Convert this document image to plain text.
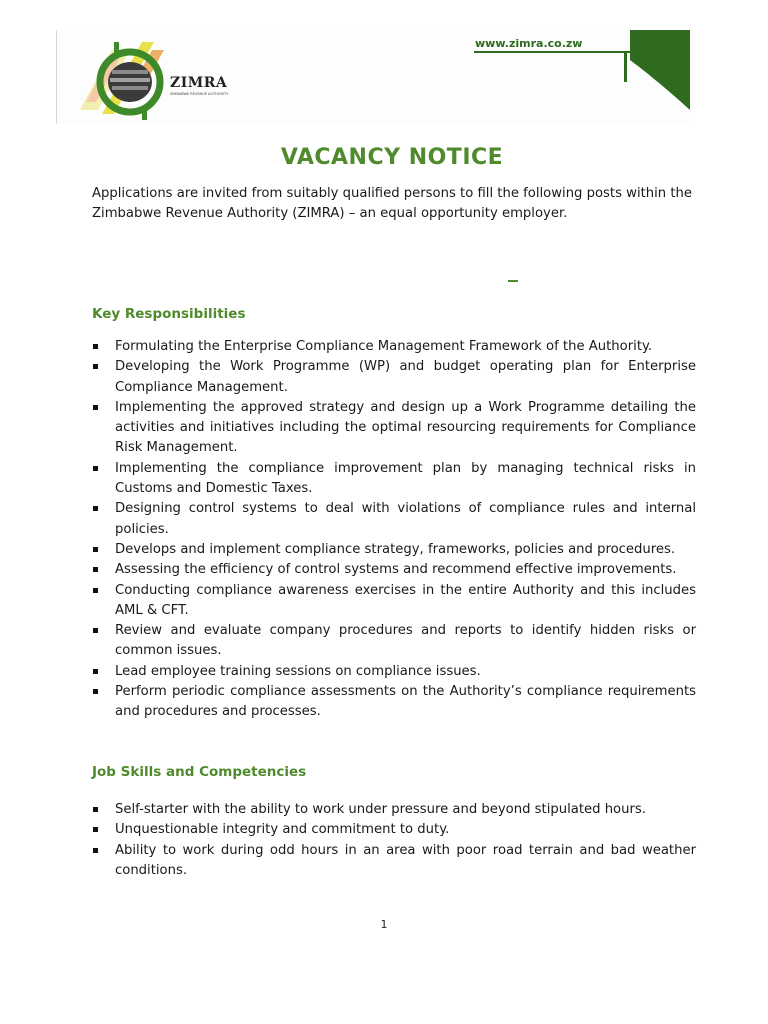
ZIMRA
ZIMBABWE REVENUE AUTHORITY
www.zimra.co.zw
VACANCY NOTICE
Applications are invited from suitably qualified persons to fill the following posts within the Zimbabwe Revenue Authority (ZIMRA) – an equal opportunity employer.
Key Responsibilities
Formulating the Enterprise Compliance Management Framework of the Authority.
Developing the Work Programme (WP) and budget operating plan for Enterprise Compliance Management.
Implementing the approved strategy and design up a Work Programme detailing the activities and initiatives including the optimal resourcing requirements for Compliance Risk Management.
Implementing the compliance improvement plan by managing technical risks in Customs and Domestic Taxes.
Designing control systems to deal with violations of compliance rules and internal policies.
Develops and implement compliance strategy, frameworks, policies and procedures.
Assessing the efficiency of control systems and recommend effective improvements.
Conducting compliance awareness exercises in the entire Authority and this includes AML & CFT.
Review and evaluate company procedures and reports to identify hidden risks or common issues.
Lead employee training sessions on compliance issues.
Perform periodic compliance assessments on the Authority’s compliance requirements and procedures and processes.
Job Skills and Competencies
Self-starter with the ability to work under pressure and beyond stipulated hours.
Unquestionable integrity and commitment to duty.
Ability to work during odd hours in an area with poor road terrain and bad weather conditions.
1
